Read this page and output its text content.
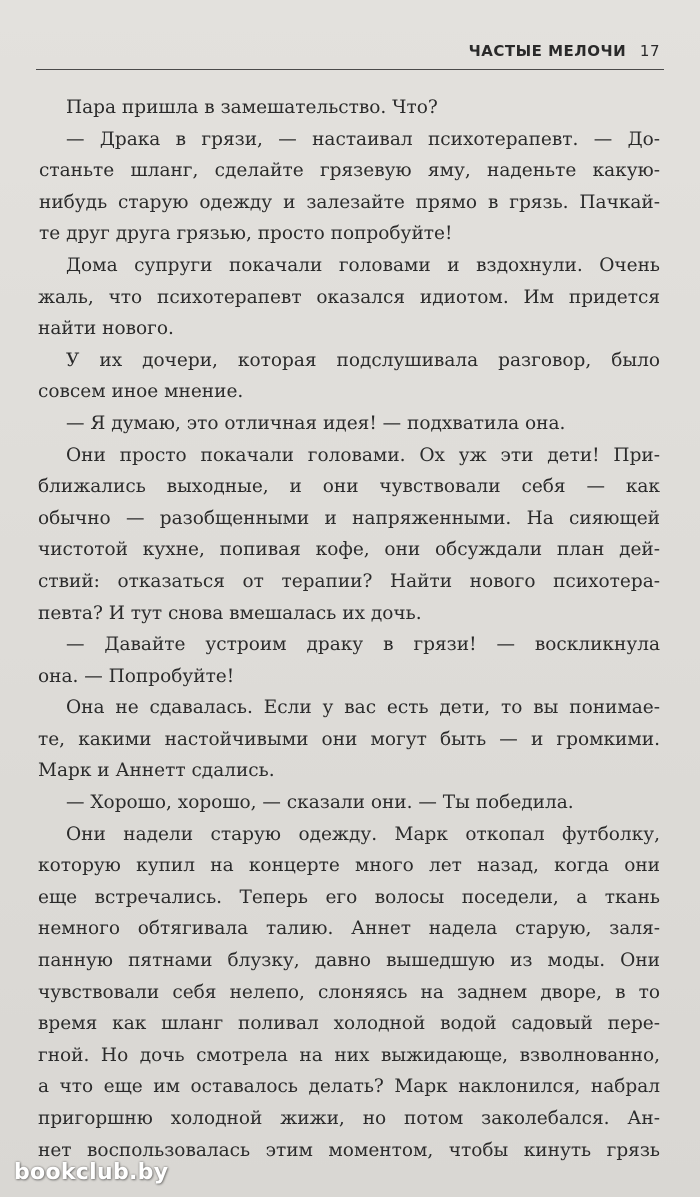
ЧАСТЫЕ МЕЛОЧИ 17
Пара пришла в замешательство. Что?
— Драка в грязи, — настаивал психотерапевт. — До-
станьте шланг, сделайте грязевую яму, наденьте какую-
нибудь старую одежду и залезайте прямо в грязь. Пачкай-
те друг друга грязью, просто попробуйте!
Дома супруги покачали головами и вздохнули. Очень
жаль, что психотерапевт оказался идиотом. Им придется
найти нового.
У их дочери, которая подслушивала разговор, было
совсем иное мнение.
— Я думаю, это отличная идея! — подхватила она.
Они просто покачали головами. Ох уж эти дети! При-
ближались выходные, и они чувствовали себя — как
обычно — разобщенными и напряженными. На сияющей
чистотой кухне, попивая кофе, они обсуждали план дей-
ствий: отказаться от терапии? Найти нового психотера-
певта? И тут снова вмешалась их дочь.
— Давайте устроим драку в грязи! — воскликнула
она. — Попробуйте!
Она не сдавалась. Если у вас есть дети, то вы понимае-
те, какими настойчивыми они могут быть — и громкими.
Марк и Аннетт сдались.
— Хорошо, хорошо, — сказали они. — Ты победила.
Они надели старую одежду. Марк откопал футболку,
которую купил на концерте много лет назад, когда они
еще встречались. Теперь его волосы поседели, а ткань
немного обтягивала талию. Аннет надела старую, заля-
панную пятнами блузку, давно вышедшую из моды. Они
чувствовали себя нелепо, слоняясь на заднем дворе, в то
время как шланг поливал холодной водой садовый пере-
гной. Но дочь смотрела на них выжидающе, взволнованно,
а что еще им оставалось делать? Марк наклонился, набрал
пригоршню холодной жижи, но потом заколебался. Ан-
нет воспользовалась этим моментом, чтобы кинуть грязь
bookclub.by
